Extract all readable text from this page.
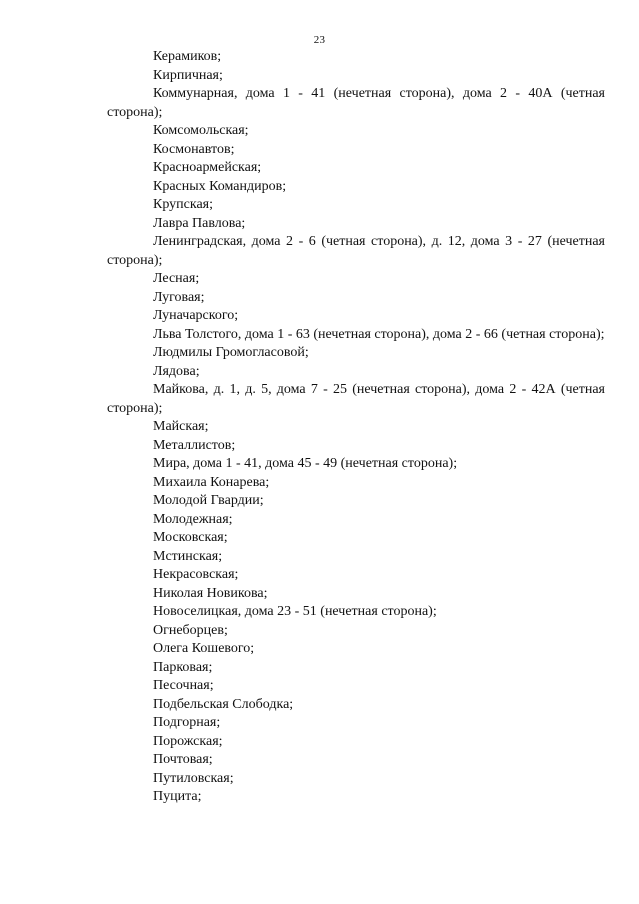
23
Керамиков;
Кирпичная;
Коммунарная, дома 1 - 41 (нечетная сторона), дома 2 - 40А (четная сторона);
Комсомольская;
Космонавтов;
Красноармейская;
Красных Командиров;
Крупская;
Лавра Павлова;
Ленинградская, дома 2 - 6 (четная сторона), д. 12, дома 3 - 27 (нечетная сторона);
Лесная;
Луговая;
Луначарского;
Льва Толстого, дома 1 - 63 (нечетная сторона), дома 2 - 66 (четная сторона);
Людмилы Громогласовой;
Лядова;
Майкова, д. 1, д. 5, дома 7 - 25 (нечетная сторона), дома 2 - 42А (четная сторона);
Майская;
Металлистов;
Мира, дома 1 - 41, дома 45 - 49 (нечетная сторона);
Михаила Конарева;
Молодой Гвардии;
Молодежная;
Московская;
Мстинская;
Некрасовская;
Николая Новикова;
Новоселицкая, дома 23 - 51 (нечетная сторона);
Огнеборцев;
Олега Кошевого;
Парковая;
Песочная;
Подбельская Слободка;
Подгорная;
Порожская;
Почтовая;
Путиловская;
Пуцита;
